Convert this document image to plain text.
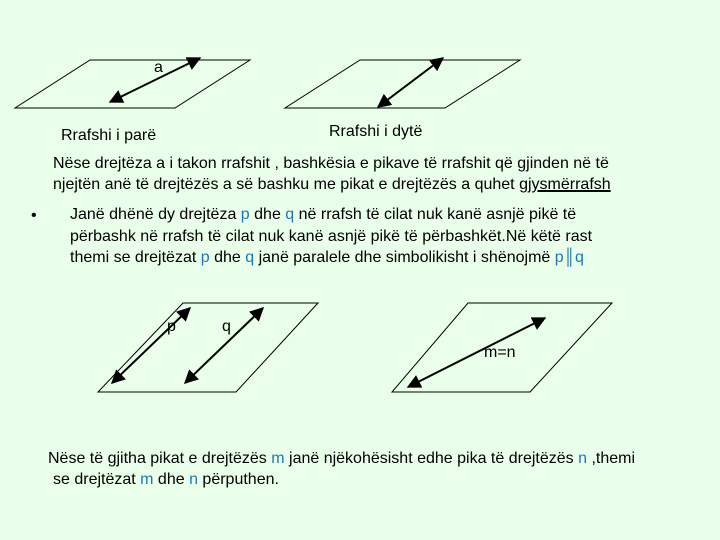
a
Rrafshi i parë	Rrafshi i dytë
Nëse drejtëza a i takon rrafshit , bashkësia e pikave të rrafshit që gjinden në të
njejtën anë të drejtëzës a së bashku me pikat e drejtëzës a quhet gjysmërrafsh
• Janë dhënë dy drejtëza p dhe q në rrafsh të cilat nuk kanë asnjë pikë të
përbashk në rrafsh të cilat nuk kanë asnjë pikë të përbashkët.Në këtë rast
themi se drejtëzat p dhe q janë paralele dhe simbolikisht i shënojmë p║q
p	q
m=n
Nëse të gjitha pikat e drejtëzës m janë njëkohësisht edhe pika të drejtëzës n ,themi
se drejtëzat m dhe n përputhen.
